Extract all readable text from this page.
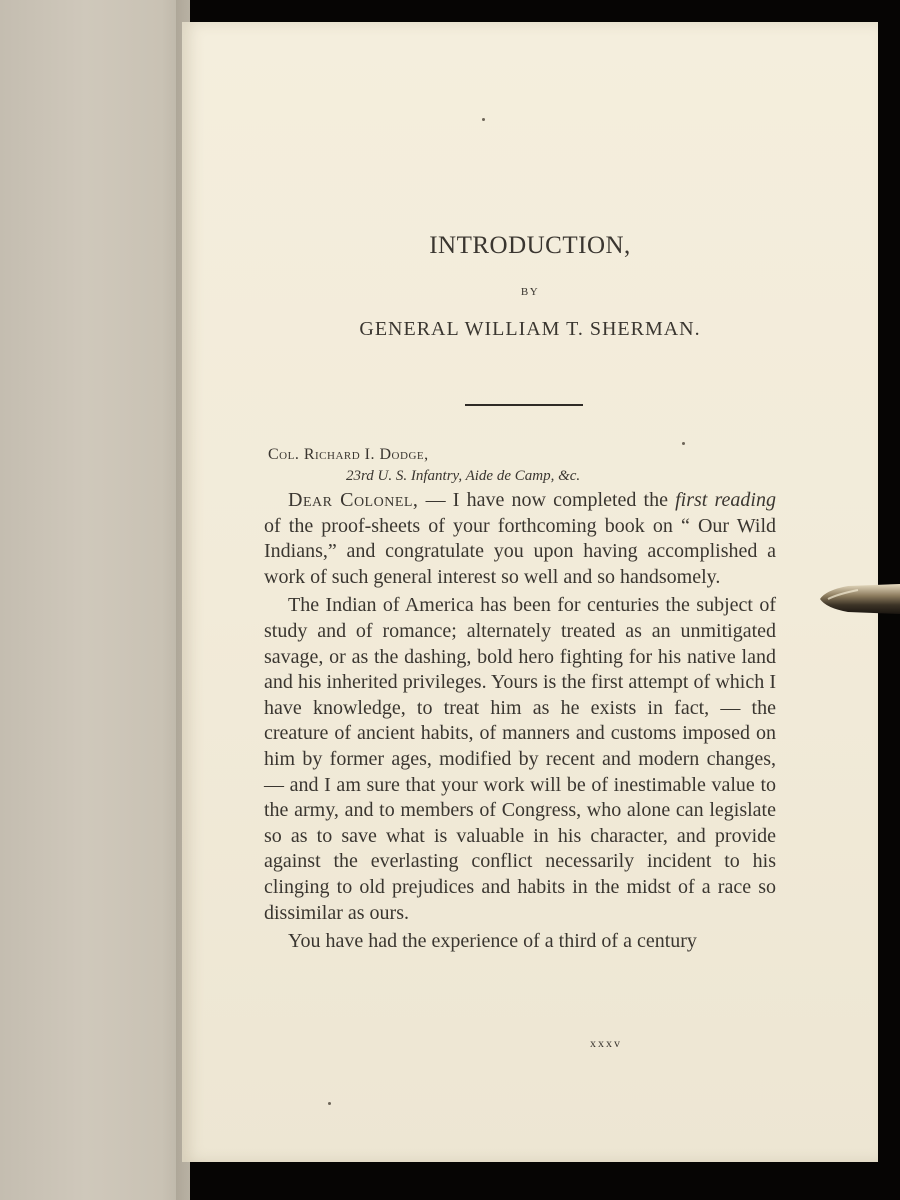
INTRODUCTION,
BY
GENERAL WILLIAM T. SHERMAN.
Col. Richard I. Dodge,
23rd U. S. Infantry, Aide de Camp, &c.

Dear Colonel, — I have now completed the first reading of the proof-sheets of your forthcoming book on “ Our Wild Indians,” and congratulate you upon having accomplished a work of such general interest so well and so handsomely.

The Indian of America has been for centuries the subject of study and of romance; alternately treated as an unmitigated savage, or as the dashing, bold hero fighting for his native land and his inherited privileges. Yours is the first attempt of which I have knowledge, to treat him as he exists in fact, — the creature of ancient habits, of manners and customs imposed on him by former ages, modified by recent and modern changes, — and I am sure that your work will be of inestimable value to the army, and to members of Congress, who alone can legislate so as to save what is valuable in his character, and provide against the everlasting conflict necessarily incident to his clinging to old prejudices and habits in the midst of a race so dissimilar as ours.

You have had the experience of a third of a century

xxxv
